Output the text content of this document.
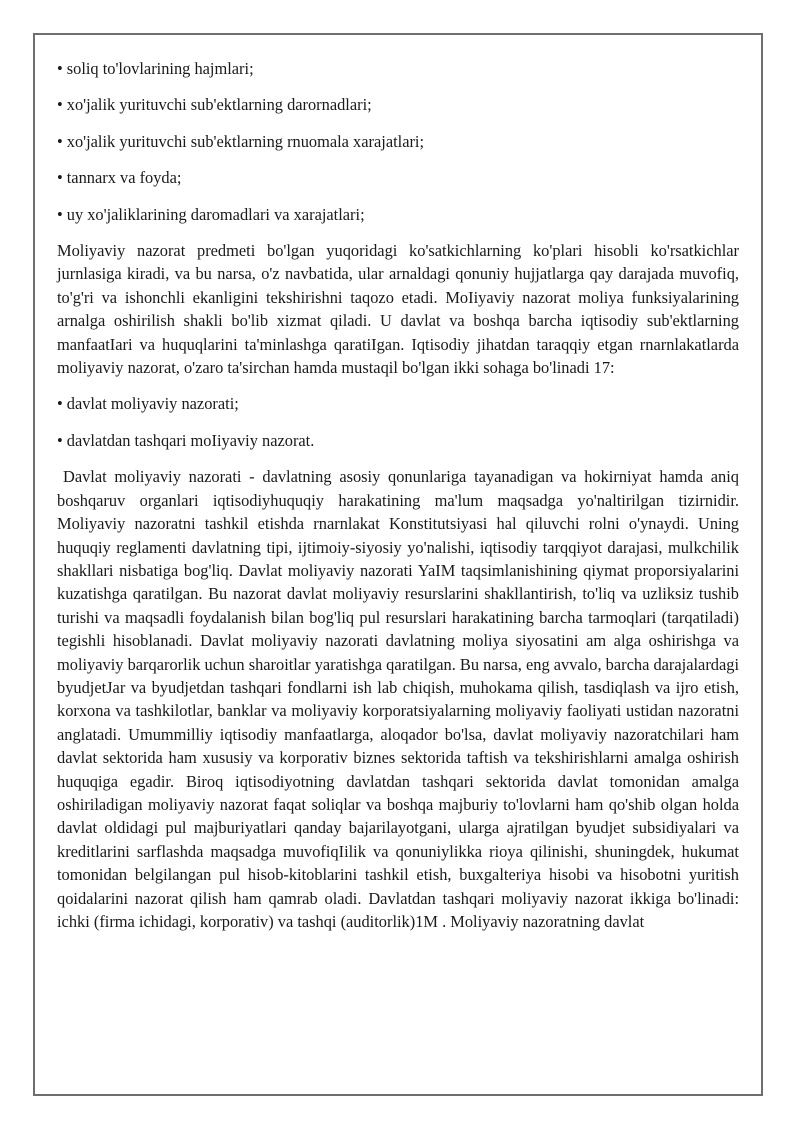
• soliq to'lovlarining hajmlari;
• xo'jalik yurituvchi sub'ektlarning darornadlari;
• xo'jalik yurituvchi sub'ektlarning rnuomala xarajatlari;
• tannarx va foyda;
• uy xo'jaliklarining daromadlari va xarajatlari;

Moliyaviy nazorat predmeti bo'lgan yuqoridagi ko'satkichlarning ko'plari hisobli ko'rsatkichlar jurnlasiga kiradi, va bu narsa, o'z navbatida, ular arnaldagi qonuniy hujjatlarga qay darajada muvofiq, to'g'ri va ishonchli ekanligini tekshirishni taqozo etadi. MoIiyaviy nazorat moliya funksiyalarining arnalga oshirilish shakli bo'lib xizmat qiladi. U davlat va boshqa barcha iqtisodiy sub'ektlarning manfaatIari va huquqlarini ta'minlashga qaratiIgan. Iqtisodiy jihatdan taraqqiy etgan rnarnlakatlarda moliyaviy nazorat, o'zaro ta'sirchan hamda mustaqil bo'lgan ikki sohaga bo'linadi 17:

• davlat moliyaviy nazorati;
• davlatdan tashqari moIiyaviy nazorat.

Davlat moliyaviy nazorati - davlatning asosiy qonunlariga tayanadigan va hokirniyat hamda aniq boshqaruv organlari iqtisodiyhuquqiy harakatining ma'lum maqsadga yo'naltirilgan tizirnidir. Moliyaviy nazoratni tashkil etishda rnarnlakat Konstitutsiyasi hal qiluvchi rolni o'ynaydi. Uning huquqiy reglamenti davlatning tipi, ijtimoiy-siyosiy yo'nalishi, iqtisodiy tarqqiyot darajasi, mulkchilik shakllari nisbatiga bog'liq. Davlat moliyaviy nazorati YaIM taqsimlanishining qiymat proporsiyalarini kuzatishga qaratilgan. Bu nazorat davlat moliyaviy resurslarini shakllantirish, to'liq va uzliksiz tushib turishi va maqsadli foydalanish bilan bog'liq pul resurslari harakatining barcha tarmoqlari (tarqatiladi) tegishli hisoblanadi. Davlat moliyaviy nazorati davlatning moliya siyosatini am alga oshirishga va moliyaviy barqarorlik uchun sharoitlar yaratishga qaratilgan. Bu narsa, eng avvalo, barcha darajalardagi byudjetJar va byudjetdan tashqari fondlarni ish lab chiqish, muhokama qilish, tasdiqlash va ijro etish, korxona va tashkilotlar, banklar va moliyaviy korporatsiyalarning moliyaviy faoliyati ustidan nazoratni anglatadi. Umummilliy iqtisodiy manfaatlarga, aloqador bo'lsa, davlat moliyaviy nazoratchilari ham davlat sektorida ham xususiy va korporativ biznes sektorida taftish va tekshirishlarni amalga oshirish huquqiga egadir. Biroq iqtisodiyotning davlatdan tashqari sektorida davlat tomonidan amalga oshiriladigan moliyaviy nazorat faqat soliqlar va boshqa majburiy to'lovlarni ham qo'shib olgan holda davlat oldidagi pul majburiyatlari qanday bajarilayotgani, ularga ajratilgan byudjet subsidiyalari va kreditlarini sarflashda maqsadga muvofiqIilik va qonuniylikka rioya qilinishi, shuningdek, hukumat tomonidan belgilangan pul hisob-kitoblarini tashkil etish, buxgalteriya hisobi va hisobotni yuritish qoidalarini nazorat qilish ham qamrab oladi. Davlatdan tashqari moliyaviy nazorat ikkiga bo'linadi: ichki (firma ichidagi, korporativ) va tashqi (auditorlik)1M . Moliyaviy nazoratning davlat
